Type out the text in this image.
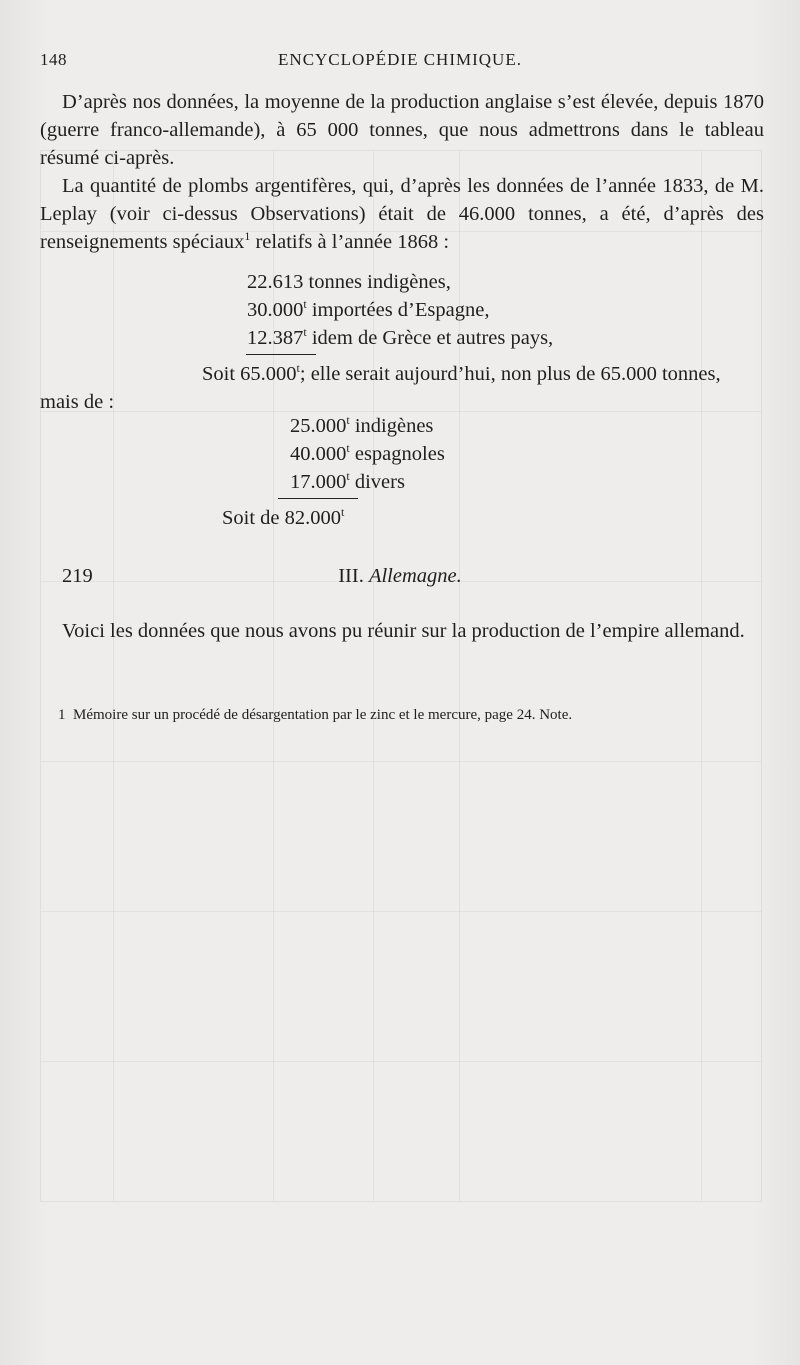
148	ENCYCLOPÉDIE CHIMIQUE.

D’après nos données, la moyenne de la production anglaise s’est élevée, depuis 1870 (guerre franco-allemande), à 65 000 tonnes, que nous admettrons dans le tableau résumé ci-après.

La quantité de plombs argentifères, qui, d’après les données de l’année 1833, de M. Leplay (voir ci-dessus Observations) était de 46.000 tonnes, a été, d’après des renseignements spéciaux$^1$ relatifs à l’année 1868 :

22.613 tonnes indigènes,
30.000$^t$ importées d’Espagne,
12.387$^t$ idem de Grèce et autres pays,
Soit 65.000$^t$; elle serait aujourd’hui, non plus de 65.000 tonnes,
mais de :
25.000$^t$ indigènes
40.000$^t$ espagnoles
17.000$^t$ divers
Soit de 82.000$^t$
219	III. Allemagne.

Voici les données que nous avons pu réunir sur la production de l’empire allemand.

1 Mémoire sur un procédé de désargentation par le zinc et le mercure, page 24. Note.
